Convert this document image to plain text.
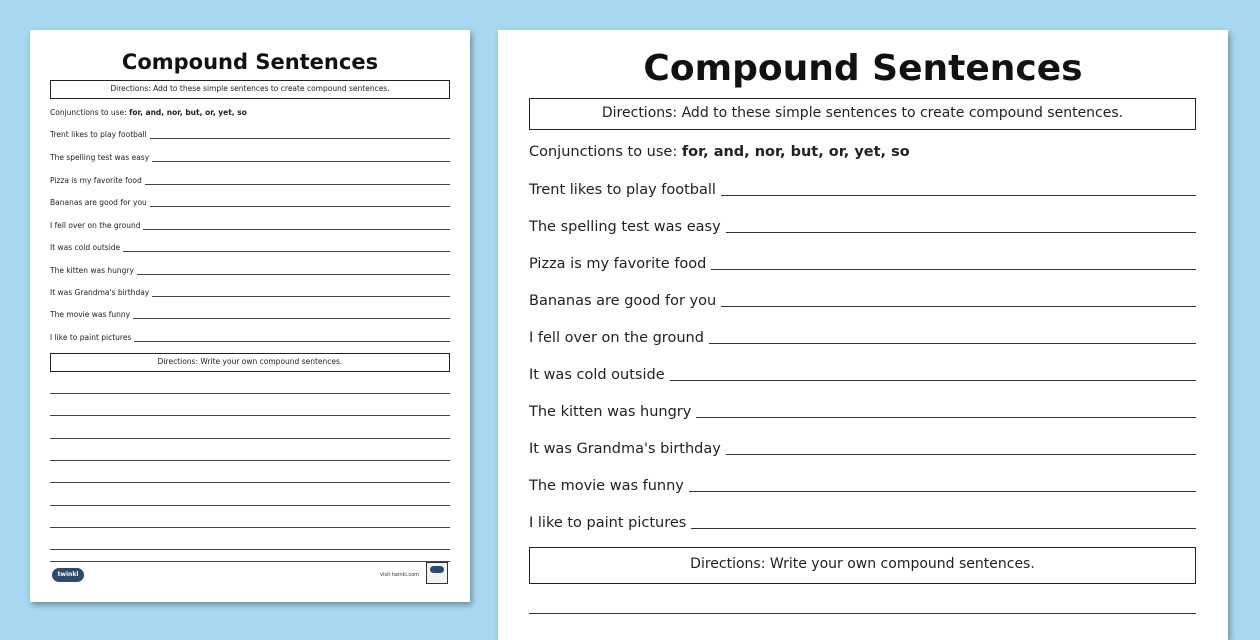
Compound Sentences
Directions: Add to these simple sentences to create compound sentences.
Conjunctions to use: for, and, nor, but, or, yet, so
Trent likes to play football
The spelling test was easy
Pizza is my favorite food
Bananas are good for you
I fell over on the ground
It was cold outside
The kitten was hungry
It was Grandma's birthday
The movie was funny
I like to paint pictures
Directions: Write your own compound sentences.
twinkl	visit twinkl.com
Compound Sentences
Directions: Add to these simple sentences to create compound sentences.
Conjunctions to use: for, and, nor, but, or, yet, so
Trent likes to play football
The spelling test was easy
Pizza is my favorite food
Bananas are good for you
I fell over on the ground
It was cold outside
The kitten was hungry
It was Grandma's birthday
The movie was funny
I like to paint pictures
Directions: Write your own compound sentences.
